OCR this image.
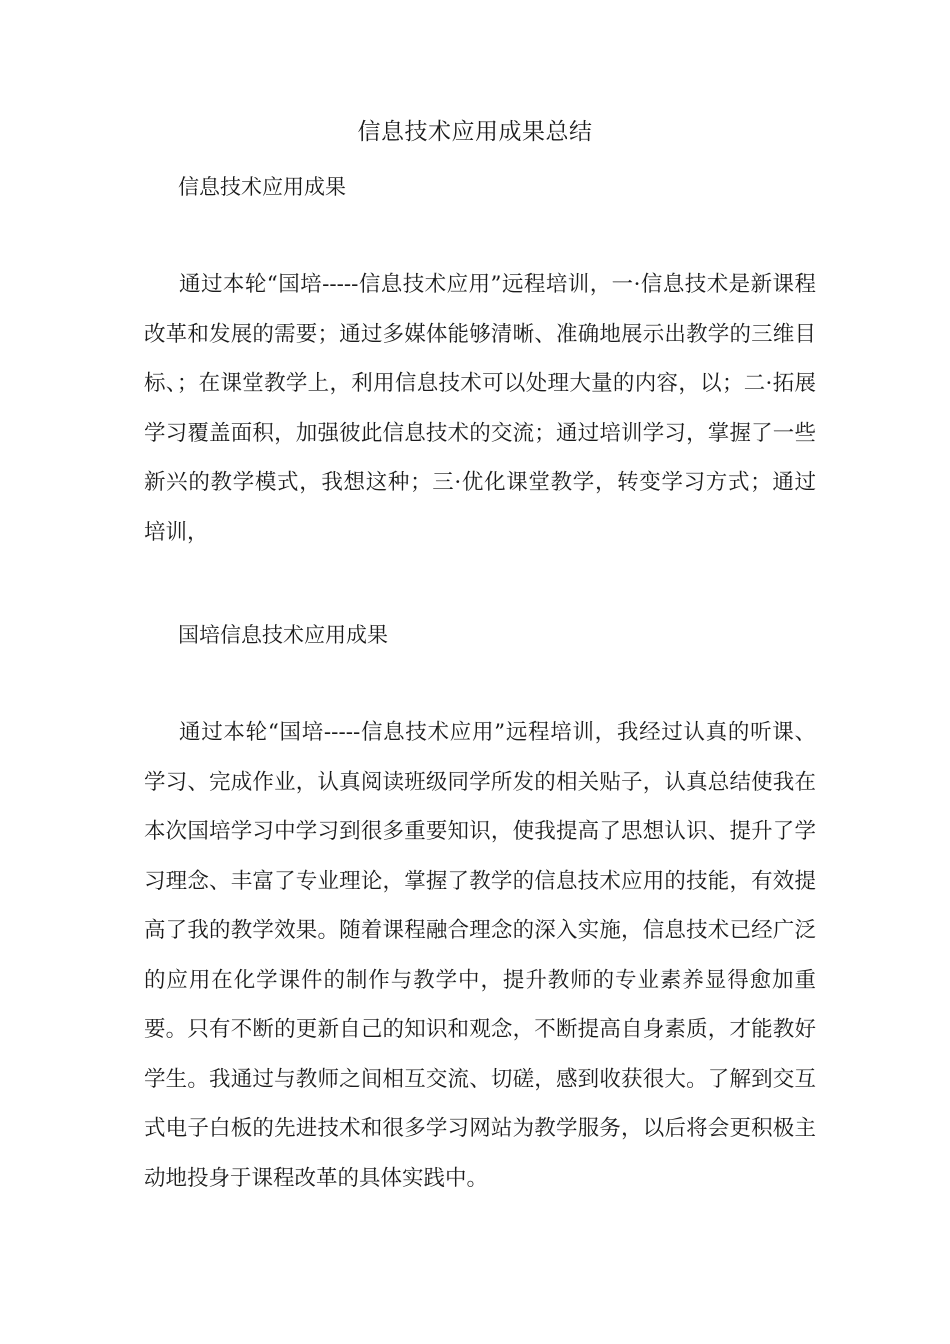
信息技术应用成果总结
信息技术应用成果

通过本轮“国培-----信息技术应用”远程培训，一·信息技术是新课程改革和发展的需要；通过多媒体能够清晰、准确地展示出教学的三维目标、；在课堂教学上，利用信息技术可以处理大量的内容，以；二·拓展学习覆盖面积，加强彼此信息技术的交流；通过培训学习，掌握了一些新兴的教学模式，我想这种；三·优化课堂教学，转变学习方式；通过培训，

国培信息技术应用成果

通过本轮“国培-----信息技术应用”远程培训，我经过认真的听课、学习、完成作业，认真阅读班级同学所发的相关贴子，认真总结使我在本次国培学习中学习到很多重要知识，使我提高了思想认识、提升了学习理念、丰富了专业理论，掌握了教学的信息技术应用的技能，有效提高了我的教学效果。随着课程融合理念的深入实施，信息技术已经广泛的应用在化学课件的制作与教学中，提升教师的专业素养显得愈加重要。只有不断的更新自己的知识和观念，不断提高自身素质，才能教好学生。我通过与教师之间相互交流、切磋，感到收获很大。了解到交互式电子白板的先进技术和很多学习网站为教学服务，以后将会更积极主动地投身于课程改革的具体实践中。
